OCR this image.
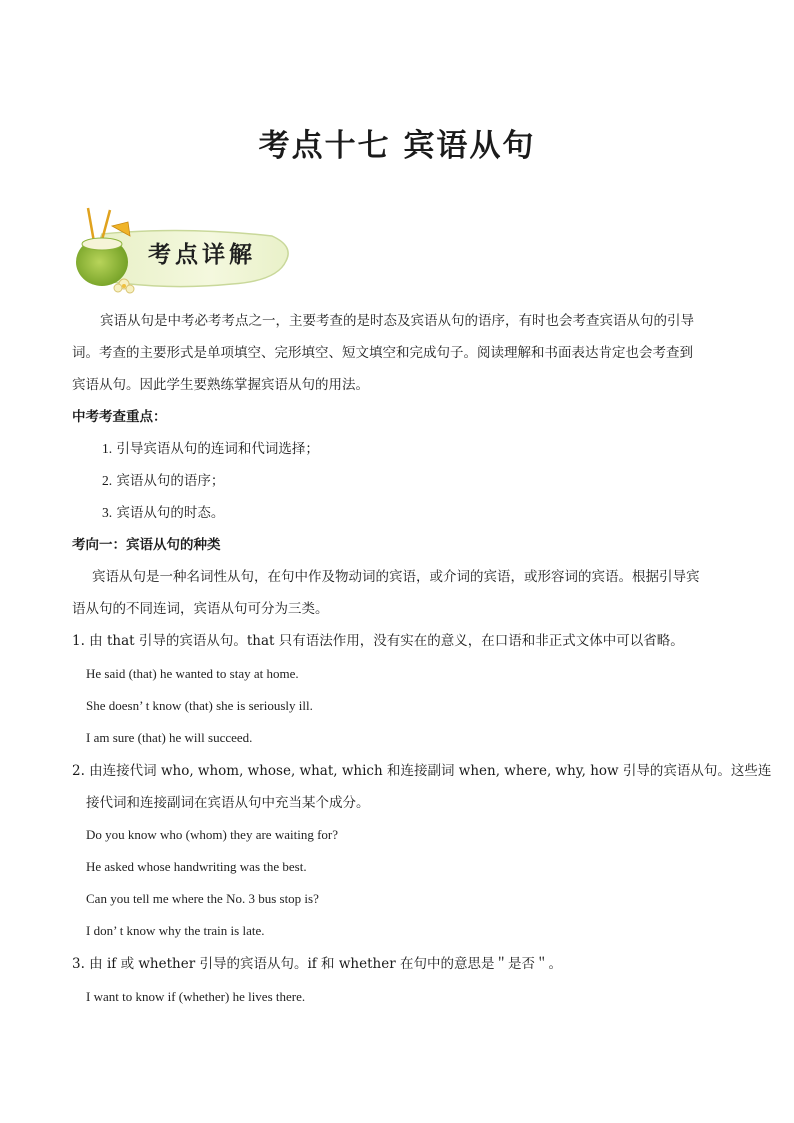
考点十七 宾语从句
考点详解
宾语从句是中考必考考点之一，主要考查的是时态及宾语从句的语序，有时也会考查宾语从句的引导
词。考查的主要形式是单项填空、完形填空、短文填空和完成句子。阅读理解和书面表达肯定也会考查到
宾语从句。因此学生要熟练掌握宾语从句的用法。
中考考查重点：
1. 引导宾语从句的连词和代词选择；
2. 宾语从句的语序；
3. 宾语从句的时态。
考向一：宾语从句的种类
宾语从句是一种名词性从句，在句中作及物动词的宾语，或介词的宾语，或形容词的宾语。根据引导宾
语从句的不同连词，宾语从句可分为三类。
1. 由 that 引导的宾语从句。that 只有语法作用，没有实在的意义，在口语和非正式文体中可以省略。
He said (that) he wanted to stay at home.
She doesn’ t know (that) she is seriously ill.
I am sure (that) he will succeed.
2. 由连接代词 who, whom, whose, what, which 和连接副词 when, where, why, how 引导的宾语从句。这些连
接代词和连接副词在宾语从句中充当某个成分。
Do you know who (whom) they are waiting for?
He asked whose handwriting was the best.
Can you tell me where the No. 3 bus stop is?
I don’ t know why the train is late.
3. 由 if 或 whether 引导的宾语从句。if 和 whether 在句中的意思是＂是否＂。
I want to know if (whether) he lives there.
